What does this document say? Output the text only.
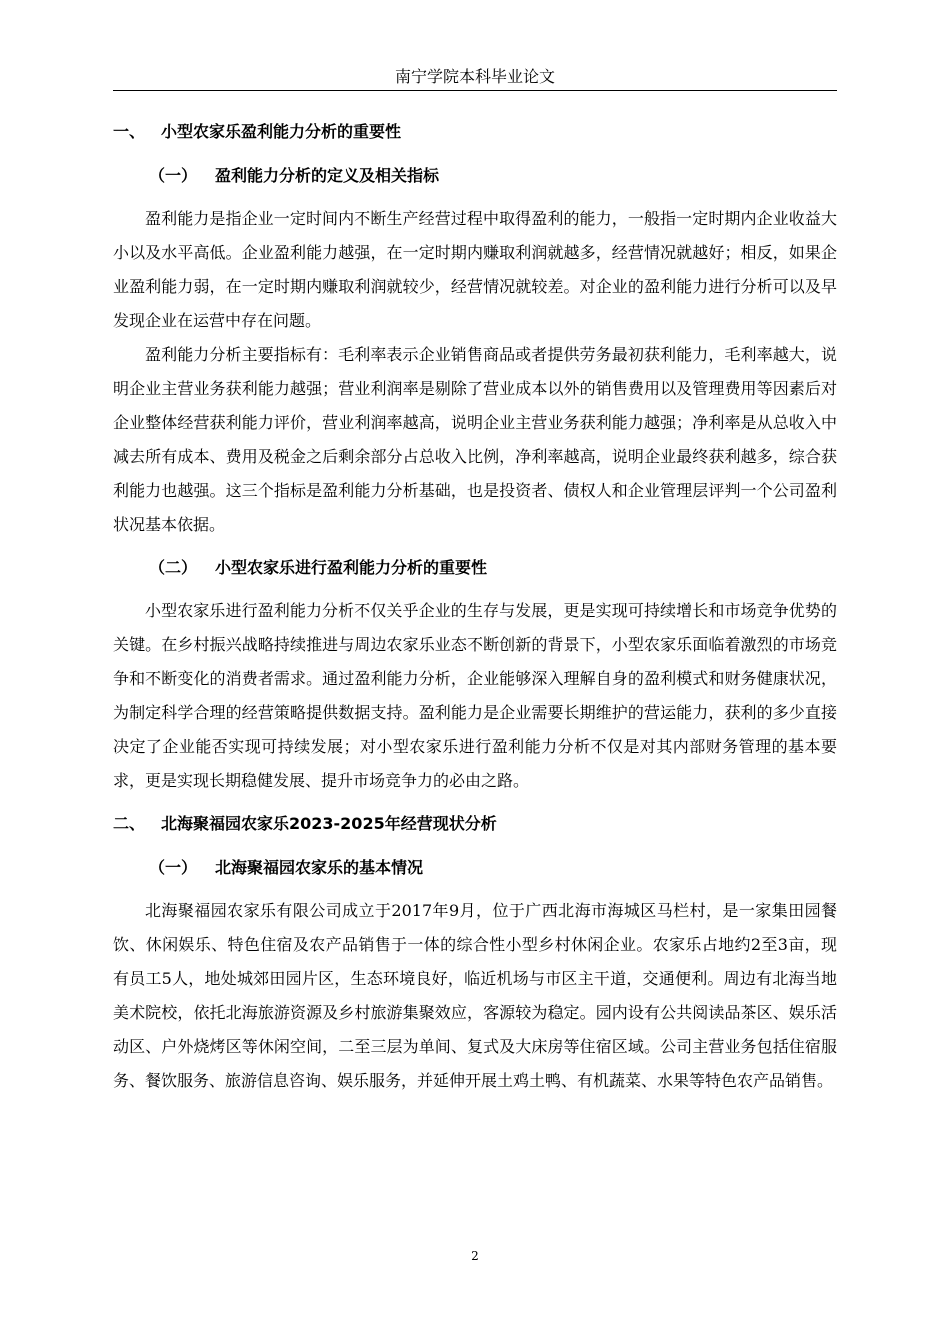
南宁学院本科毕业论文
一、 小型农家乐盈利能力分析的重要性
（一） 盈利能力分析的定义及相关指标

盈利能力是指企业一定时间内不断生产经营过程中取得盈利的能力，一般指一定时期内企业收益大小以及水平高低。企业盈利能力越强，在一定时期内赚取利润就越多，经营情况就越好；相反，如果企业盈利能力弱，在一定时期内赚取利润就较少，经营情况就较差。对企业的盈利能力进行分析可以及早发现企业在运营中存在问题。

盈利能力分析主要指标有：毛利率表示企业销售商品或者提供劳务最初获利能力，毛利率越大，说明企业主营业务获利能力越强；营业利润率是剔除了营业成本以外的销售费用以及管理费用等因素后对企业整体经营获利能力评价，营业利润率越高，说明企业主营业务获利能力越强；净利率是从总收入中减去所有成本、费用及税金之后剩余部分占总收入比例，净利率越高，说明企业最终获利越多，综合获利能力也越强。这三个指标是盈利能力分析基础，也是投资者、债权人和企业管理层评判一个公司盈利状况基本依据。

（二） 小型农家乐进行盈利能力分析的重要性

小型农家乐进行盈利能力分析不仅关乎企业的生存与发展，更是实现可持续增长和市场竞争优势的关键。在乡村振兴战略持续推进与周边农家乐业态不断创新的背景下，小型农家乐面临着激烈的市场竞争和不断变化的消费者需求。通过盈利能力分析，企业能够深入理解自身的盈利模式和财务健康状况，为制定科学合理的经营策略提供数据支持。盈利能力是企业需要长期维护的营运能力，获利的多少直接决定了企业能否实现可持续发展；对小型农家乐进行盈利能力分析不仅是对其内部财务管理的基本要求，更是实现长期稳健发展、提升市场竞争力的必由之路。

二、 北海聚福园农家乐2023-2025年经营现状分析
（一） 北海聚福园农家乐的基本情况

北海聚福园农家乐有限公司成立于2017年9月，位于广西北海市海城区马栏村，是一家集田园餐饮、休闲娱乐、特色住宿及农产品销售于一体的综合性小型乡村休闲企业。农家乐占地约2至3亩，现有员工5人，地处城郊田园片区，生态环境良好，临近机场与市区主干道，交通便利。周边有北海当地美术院校，依托北海旅游资源及乡村旅游集聚效应，客源较为稳定。园内设有公共阅读品茶区、娱乐活动区、户外烧烤区等休闲空间，二至三层为单间、复式及大床房等住宿区域。公司主营业务包括住宿服务、餐饮服务、旅游信息咨询、娱乐服务，并延伸开展土鸡土鸭、有机蔬菜、水果等特色农产品销售。

2
